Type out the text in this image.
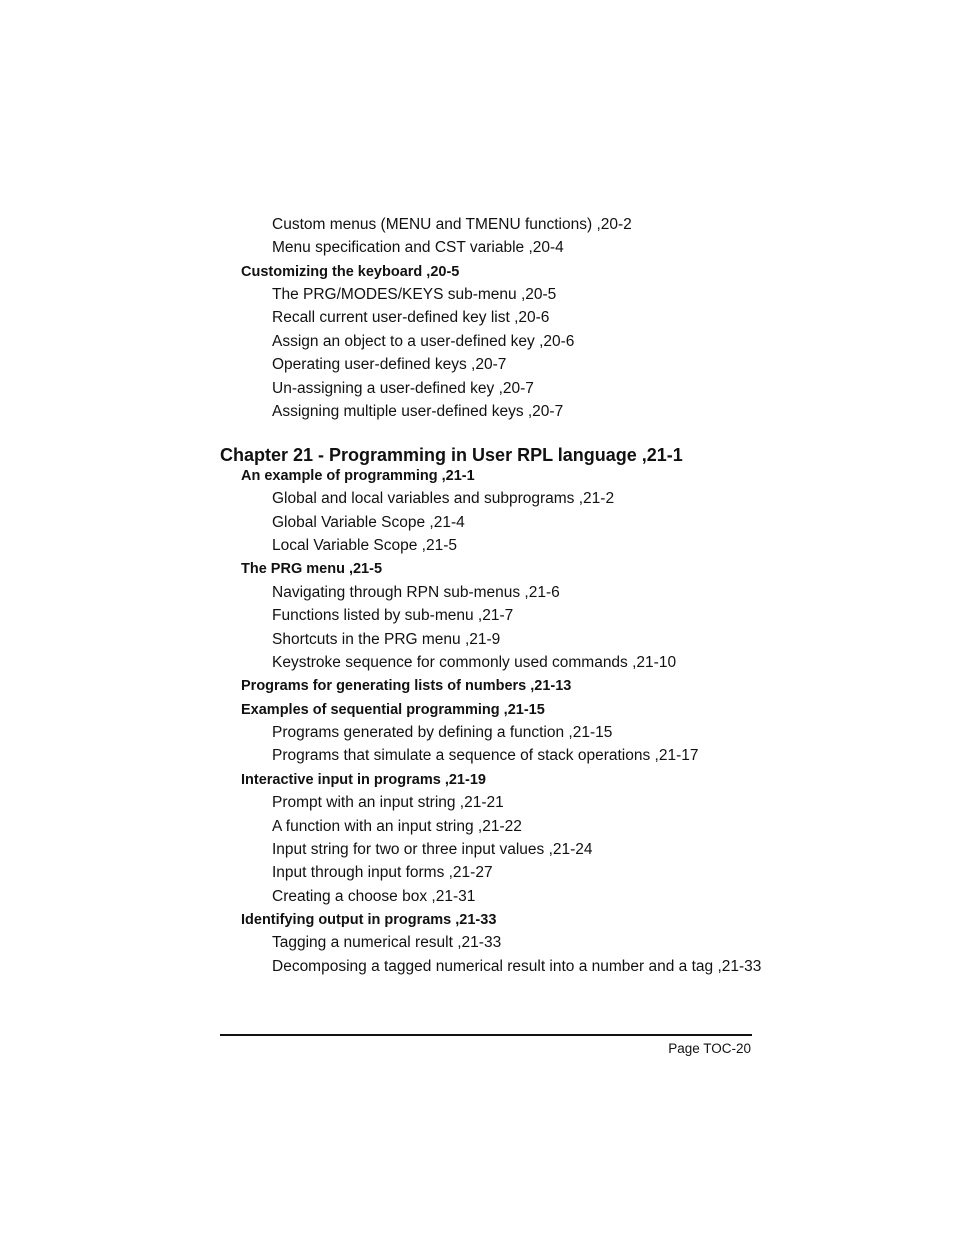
Custom menus (MENU and TMENU functions) ,20-2
Menu specification and CST variable ,20-4
Customizing the keyboard ,20-5
The PRG/MODES/KEYS sub-menu ,20-5
Recall current user-defined key list ,20-6
Assign an object to a user-defined key ,20-6
Operating user-defined keys ,20-7
Un-assigning a user-defined key ,20-7
Assigning multiple user-defined keys ,20-7
Chapter 21 - Programming in User RPL language ,21-1
An example of programming ,21-1
Global and local variables and subprograms ,21-2
Global Variable Scope ,21-4
Local Variable Scope ,21-5
The PRG menu ,21-5
Navigating through RPN sub-menus ,21-6
Functions listed by sub-menu ,21-7
Shortcuts in the PRG menu ,21-9
Keystroke sequence for commonly used commands ,21-10
Programs for generating lists of numbers ,21-13
Examples of sequential programming ,21-15
Programs generated by defining a function ,21-15
Programs that simulate a sequence of stack operations ,21-17
Interactive input in programs ,21-19
Prompt with an input string ,21-21
A function with an input string ,21-22
Input string for two or three input values ,21-24
Input through input forms ,21-27
Creating a choose box ,21-31
Identifying output in programs ,21-33
Tagging a numerical result ,21-33
Decomposing a tagged numerical result into a number and a tag ,21-33
Page TOC-20
